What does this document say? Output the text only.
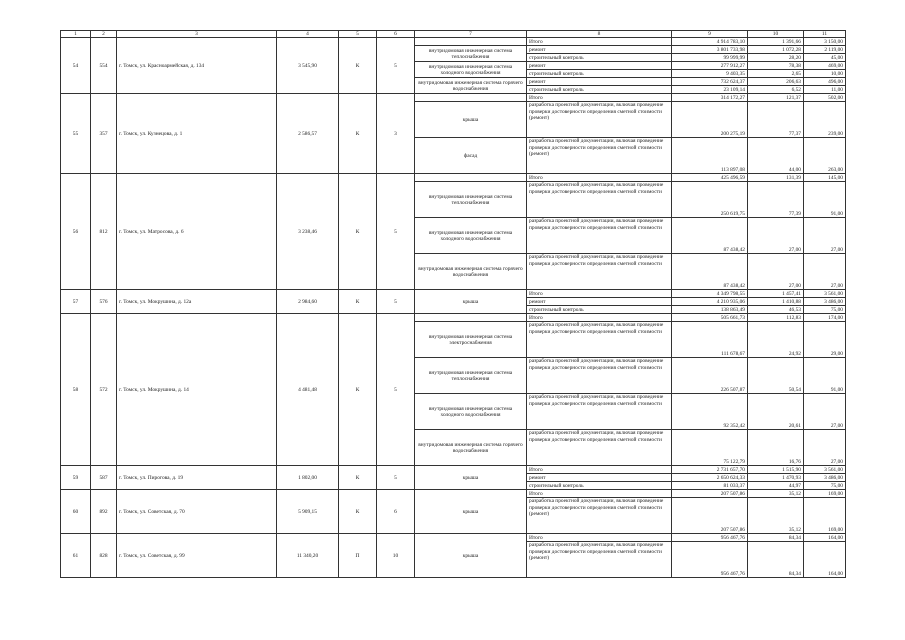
1	2	3	4	5	6	7	8	9	10	11
54	554	г. Томск, ул. Красноармейская, д. 134	3 545,90	К	5		Итого	4 914 783,10	1 391,66	3 150,00
						внутридомовая инженерная система теплоснабжения	ремонт	3 801 733,98	1 072,28	2 119,00
							строительный контроль	99 999,99	28,20	45,00
						внутридомовая инженерная система холодного водоснабжения	ремонт	277 912,27	78,38	469,00
							строительный контроль	9 403,35	2,65	10,00
						внутридомовая инженерная система горячего водоснабжения	ремонт	732 624,37	206,63	496,00
							строительный контроль	23 109,14	6,52	11,00
55	357	г. Томск, ул. Кузнецова, д. 1	2 586,57	К	3		Итого	314 172,27	121,37	502,00
						крыша	разработка проектной документации, включая проведение проверки достоверности определения сметной стоимости (ремонт)	200 275,19	77,37	239,00
						фасад	разработка проектной документации, включая проведение проверки достоверности определения сметной стоимости (ремонт)	113 897,08	44,00	263,00
56	812	г. Томск, ул. Матросова, д. 6	3 238,46	К	5		Итого	425 496,59	131,39	145,00
						внутридомовая инженерная система теплоснабжения	разработка проектной документации, включая проведение проверки достоверности определения сметной стоимости	250 619,75	77,39	91,00
						внутридомовая инженерная система холодного водоснабжения	разработка проектной документации, включая проведение проверки достоверности определения сметной стоимости	87 438,42	27,00	27,00
						внутридомовая инженерная система горячего водоснабжения	разработка проектной документации, включая проведение проверки достоверности определения сметной стоимости	87 438,42	27,00	27,00
57	576	г. Томск, ул. Мокрушина, д. 12а	2 984,60	К	5	крыша	Итого	4 349 798,55	1 457,41	3 561,00
							ремонт	4 210 935,06	1 410,88	3 486,00
							строительный контроль	138 863,49	46,53	75,00
58	572	г. Томск, ул. Мокрушина, д. 14	4 481,48	К	5		Итого	505 661,73	112,83	174,00
						внутридомовая инженерная система электроснабжения	разработка проектной документации, включая проведение проверки достоверности определения сметной стоимости	111 678,67	24,92	29,00
						внутридомовая инженерная система теплоснабжения	разработка проектной документации, включая проведение проверки достоверности определения сметной стоимости	226 507,87	50,54	91,00
						внутридомовая инженерная система холодного водоснабжения	разработка проектной документации, включая проведение проверки достоверности определения сметной стоимости	92 352,42	20,61	27,00
						внутридомовая инженерная система горячего водоснабжения	разработка проектной документации, включая проведение проверки достоверности определения сметной стоимости	75 122,79	16,76	27,00
59	587	г. Томск, ул. Пирогова, д. 19	1 802,00	К	5	крыша	Итого	2 731 657,70	1 515,90	3 561,00
							ремонт	2 650 624,33	1 470,93	3 486,00
							строительный контроль	81 033,37	44,97	75,00
60	892	г. Томск, ул. Советская, д. 70	5 909,15	К	6	крыша	Итого	207 507,86	35,12	169,00
							разработка проектной документации, включая проведение проверки достоверности определения сметной стоимости (ремонт)	207 507,86	35,12	169,00
61	828	г. Томск, ул. Советская, д. 99	11 340,20	П	10	крыша	Итого	956 467,76	84,34	164,00
							разработка проектной документации, включая проведение проверки достоверности определения сметной стоимости (ремонт)	956 467,76	84,34	164,00
